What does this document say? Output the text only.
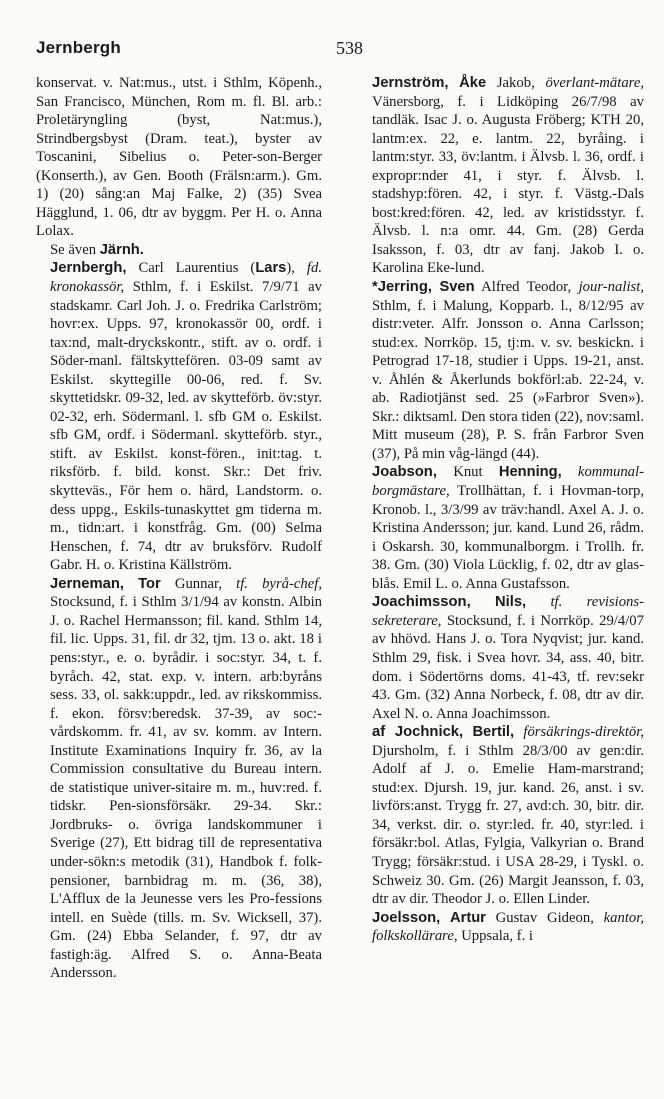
Jernbergh	538

konservat. v. Nat:mus., utst. i Sthlm, Köpenh., San Francisco, München, Rom m. fl. Bl. arb.: Proletäryngling (byst, Nat:mus.), Strindbergsbyst (Dram. teat.), byster av Toscanini, Sibelius o. Peter-son-Berger (Konserth.), av Gen. Booth (Frälsn:arm.). Gm. 1) (20) sång:an Maj Falke, 2) (35) Svea Hägglund, 1. 06, dtr av byggm. Per H. o. Anna Lolax.

Se även Järnh.

Jernbergh, Carl Laurentius (Lars), fd. kronokassör, Sthlm, f. i Eskilst. 7/9/71 av stadskamr. Carl Joh. J. o. Fredrika Carlström; hovr:ex. Upps. 97, kronokassör 00, ordf. i tax:nd, malt-dryckskontr., stift. av o. ordf. i Söder-manl. fältskyttefören. 03-09 samt av Eskilst. skyttegille 00-06, red. f. Sv. skyttetidskr. 09-32, led. av skytteförb. öv:styr. 02-32, erh. Södermanl. l. sfb GM o. Eskilst. sfb GM, ordf. i Södermanl. skytteförb. styr., stift. av Eskilst. konst-fören., init:tag. t. riksförb. f. bild. konst. Skr.: Det friv. skytteväs., För hem o. härd, Landstorm. o. dess uppg., Eskils-tunaskyttet gm tiderna m. m., tidn:art. i konstfråg. Gm. (00) Selma Henschen, f. 74, dtr av bruksförv. Rudolf Gabr. H. o. Kristina Källström.

Jerneman, Tor Gunnar, tf. byrå-chef, Stocksund, f. i Sthlm 3/1/94 av konstn. Albin J. o. Rachel Hermansson; fil. kand. Sthlm 14, fil. lic. Upps. 31, fil. dr 32, tjm. 13 o. akt. 18 i pens:styr., e. o. byrådir. i soc:styr. 34, t. f. byråch. 42, stat. exp. v. intern. arb:byråns sess. 33, ol. sakk:uppdr., led. av rikskommiss. f. ekon. försv:beredsk. 37-39, av soc:-vårdskomm. fr. 41, av sv. komm. av Intern. Institute Examinations Inquiry fr. 36, av la Commission consultative du Bureau intern. de statistique univer-sitaire m. m., huv:red. f. tidskr. Pen-sionsförsäkr. 29-34. Skr.: Jordbruks- o. övriga landskommuner i Sverige (27), Ett bidrag till de representativa under-sökn:s metodik (31), Handbok f. folk-pensioner, barnbidrag m. m. (36, 38), L'Afflux de la Jeunesse vers les Pro-fessions intell. en Suède (tills. m. Sv. Wicksell, 37). Gm. (24) Ebba Selander, f. 97, dtr av fastigh:äg. Alfred S. o. Anna-Beata Andersson.

Jernström, Åke Jakob, överlant-mätare, Vänersborg, f. i Lidköping 26/7/98 av tandläk. Isac J. o. Augusta Fröberg; KTH 20, lantm:ex. 22, e. lantm. 22, byråing. i lantm:styr. 33, öv:lantm. i Älvsb. l. 36, ordf. i expropr:nder 41, i styr. f. Älvsb. l. stadshyp:fören. 42, i styr. f. Västg.-Dals bost:kred:fören. 42, led. av kristidsstyr. f. Älvsb. l. n:a omr. 44. Gm. (28) Gerda Isaksson, f. 03, dtr av fanj. Jakob I. o. Karolina Eke-lund.

*Jerring, Sven Alfred Teodor, jour-nalist, Sthlm, f. i Malung, Kopparb. l., 8/12/95 av distr:veter. Alfr. Jonsson o. Anna Carlsson; stud:ex. Norrköp. 15, tj:m. v. sv. beskickn. i Petrograd 17-18, studier i Upps. 19-21, anst. v. Åhlén & Åkerlunds bokförl:ab. 22-24, v. ab. Radiotjänst sed. 25 (»Farbror Sven»). Skr.: diktsaml. Den stora tiden (22), nov:saml. Mitt museum (28), P. S. från Farbror Sven (37), På min våg-längd (44).

Joabson, Knut Henning, kommunal-borgmästare, Trollhättan, f. i Hovman-torp, Kronob. l., 3/3/99 av träv:handl. Axel A. J. o. Kristina Andersson; jur. kand. Lund 26, rådm. i Oskarsh. 30, kommunalborgm. i Trollh. fr. 38. Gm. (30) Viola Lücklig, f. 02, dtr av glas-blås. Emil L. o. Anna Gustafsson.

Joachimsson, Nils, tf. revisions-sekreterare, Stocksund, f. i Norrköp. 29/4/07 av hhövd. Hans J. o. Tora Nyqvist; jur. kand. Sthlm 29, fisk. i Svea hovr. 34, ass. 40, bitr. dom. i Södertörns doms. 41-43, tf. rev:sekr 43. Gm. (32) Anna Norbeck, f. 08, dtr av dir. Axel N. o. Anna Joachimsson.

af Jochnick, Bertil, försäkrings-direktör, Djursholm, f. i Sthlm 28/3/00 av gen:dir. Adolf af J. o. Emelie Ham-marstrand; stud:ex. Djursh. 19, jur. kand. 26, anst. i sv. livförs:anst. Trygg fr. 27, avd:ch. 30, bitr. dir. 34, verkst. dir. o. styr:led. fr. 40, styr:led. i försäkr:bol. Atlas, Fylgia, Valkyrian o. Brand Trygg; försäkr:stud. i USA 28-29, i Tyskl. o. Schweiz 30. Gm. (26) Margit Jeansson, f. 03, dtr av dir. Theodor J. o. Ellen Linder.

Joelsson, Artur Gustav Gideon, kantor, folkskollärare, Uppsala, f. i
